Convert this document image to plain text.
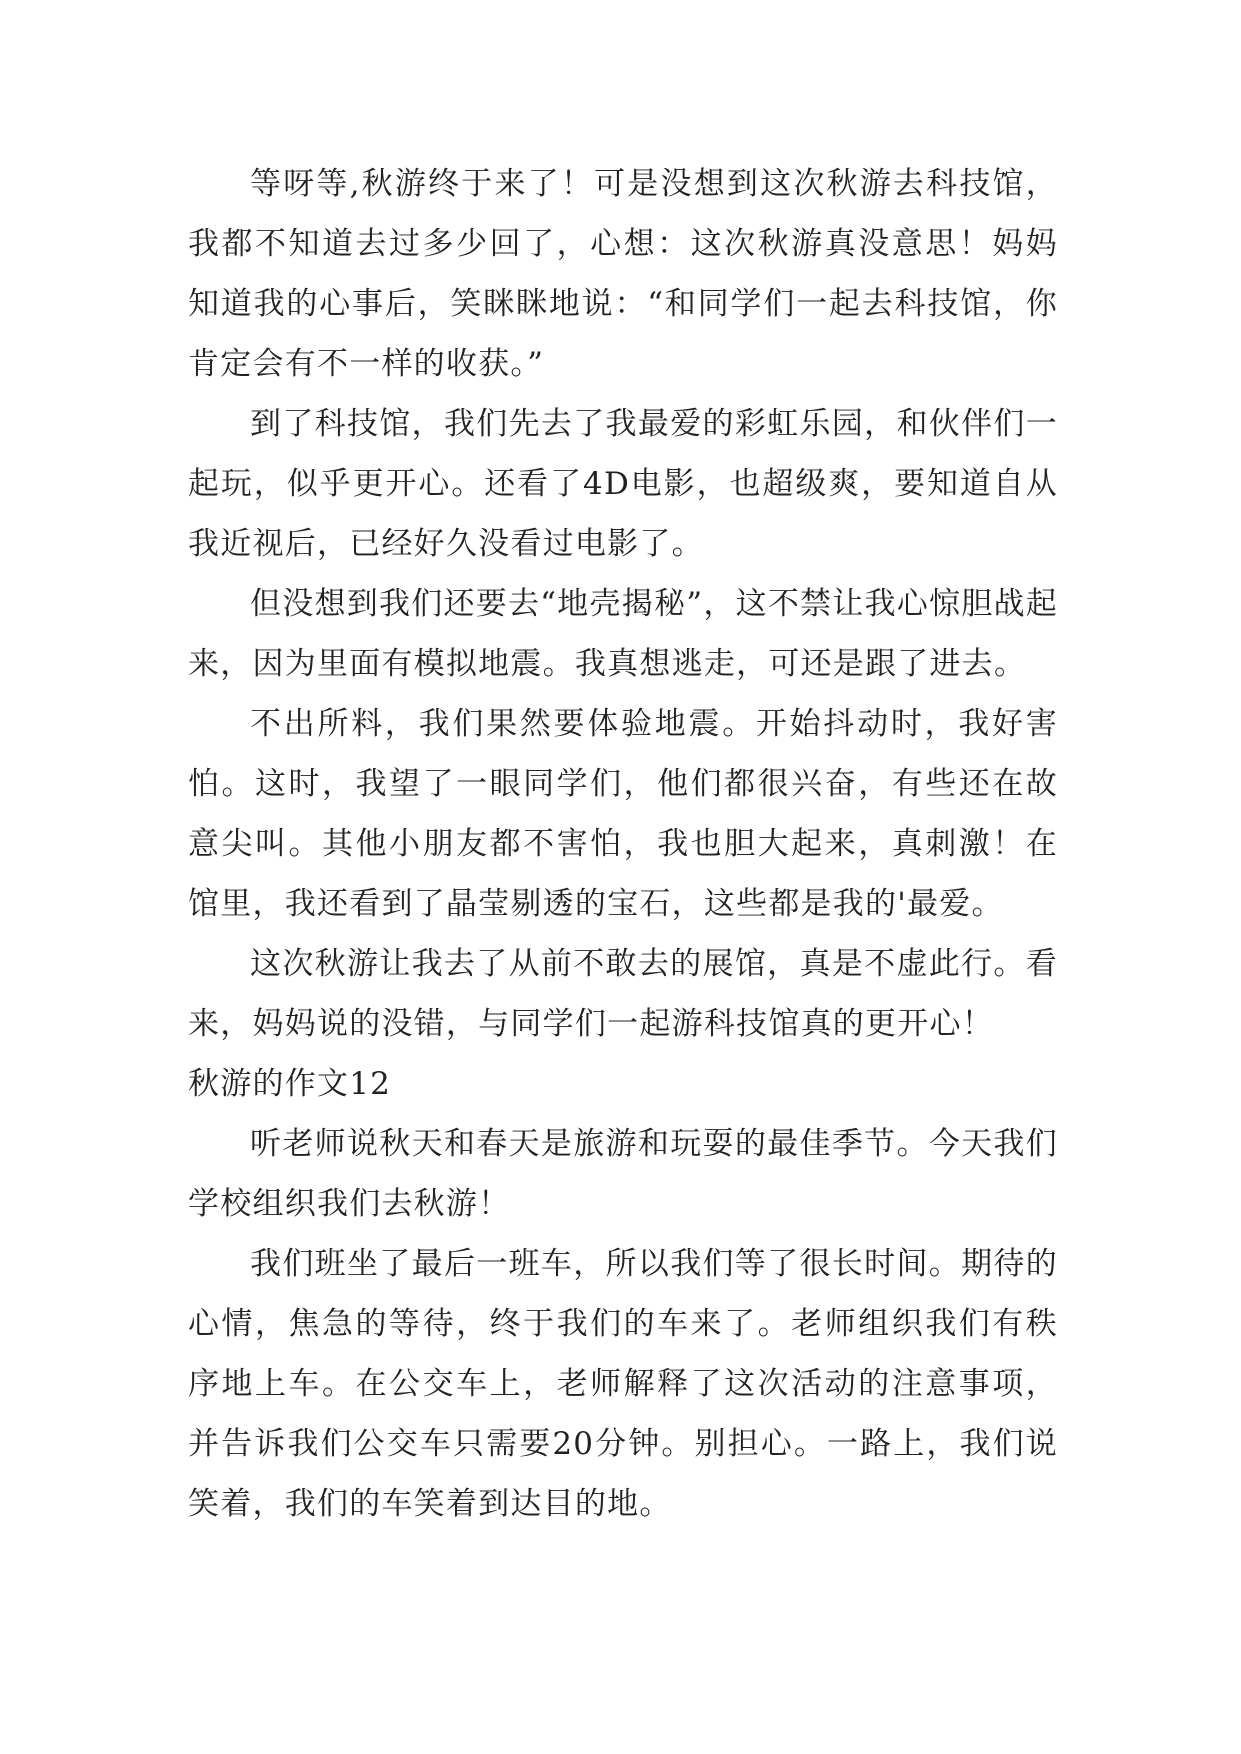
等呀等,秋游终于来了！可是没想到这次秋游去科技馆，我都不知道去过多少回了，心想：这次秋游真没意思！妈妈知道我的心事后，笑眯眯地说：“和同学们一起去科技馆，你肯定会有不一样的收获。”

到了科技馆，我们先去了我最爱的彩虹乐园，和伙伴们一起玩，似乎更开心。还看了4D电影，也超级爽，要知道自从我近视后，已经好久没看过电影了。

但没想到我们还要去“地壳揭秘”，这不禁让我心惊胆战起来，因为里面有模拟地震。我真想逃走，可还是跟了进去。

不出所料，我们果然要体验地震。开始抖动时，我好害怕。这时，我望了一眼同学们，他们都很兴奋，有些还在故意尖叫。其他小朋友都不害怕，我也胆大起来，真刺激！在馆里，我还看到了晶莹剔透的宝石，这些都是我的'最爱。

这次秋游让我去了从前不敢去的展馆，真是不虚此行。看来，妈妈说的没错，与同学们一起游科技馆真的更开心！

秋游的作文12

听老师说秋天和春天是旅游和玩耍的最佳季节。今天我们学校组织我们去秋游！

我们班坐了最后一班车，所以我们等了很长时间。期待的心情，焦急的等待，终于我们的车来了。老师组织我们有秩序地上车。在公交车上，老师解释了这次活动的注意事项，并告诉我们公交车只需要20分钟。别担心。一路上，我们说笑着，我们的车笑着到达目的地。
